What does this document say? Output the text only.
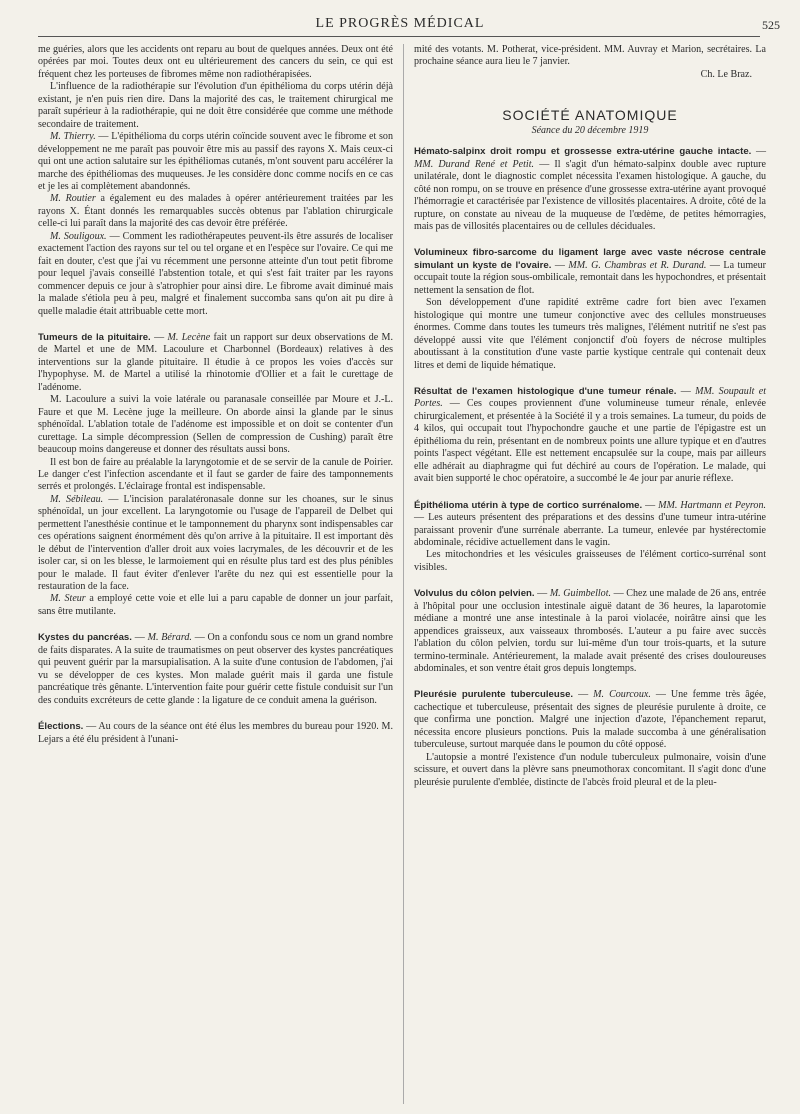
LE PROGRÈS MÉDICAL	525

me guéries, alors que les accidents ont reparu au bout de quelques années. Deux ont été opérées par moi. Toutes deux ont eu ultérieurement des cancers du sein, ce qui est fréquent chez les porteuses de fibromes même non radiothérapisées.

L'influence de la radiothérapie sur l'évolution d'un épithélioma du corps utérin déjà existant, je n'en puis rien dire. Dans la majorité des cas, le traitement chirurgical me paraît supérieur à la radiothérapie, qui ne doit être considérée que comme une méthode secondaire de traitement.

M. Thierry. — L'épithélioma du corps utérin coïncide souvent avec le fibrome et son développement ne me paraît pas pouvoir être mis au passif des rayons X. Mais ceux-ci qui ont une action salutaire sur les épithéliomas cutanés, m'ont souvent paru accélérer la marche des épithéliomas des muqueuses. Je les considère donc comme nocifs en ce cas et je les ai complètement abandonnés.

M. Routier a également eu des malades à opérer antérieurement traitées par les rayons X. Étant donnés les remarquables succès obtenus par l'ablation chirurgicale celle-ci lui paraît dans la majorité des cas devoir être préférée.

M. Souligoux. — Comment les radiothérapeutes peuvent-ils être assurés de localiser exactement l'action des rayons sur tel ou tel organe et en l'espèce sur l'ovaire. Ce qui me fait en douter, c'est que j'ai vu récemment une personne atteinte d'un tout petit fibrome pour lequel j'avais conseillé l'abstention totale, et qui s'est fait traiter par les rayons commencer depuis ce jour à s'atrophier pour ainsi dire. Le fibrome avait diminué mais la malade s'étiola peu à peu, malgré et finalement succomba sans qu'on ait pu dire à quelle maladie était attribuable cette mort.

Tumeurs de la pituitaire. — M. Lecène fait un rapport sur deux observations de M. de Martel et une de MM. Lacoulure et Charbonnel (Bordeaux) relatives à des interventions sur la glande pituitaire. Il étudie à ce propos les voies d'accès sur l'hypophyse. M. de Martel a utilisé la rhinotomie d'Ollier et a fait le curettage de l'adénome.

M. Lacoulure a suivi la voie latérale ou paranasale conseillée par Moure et J.-L. Faure et que M. Lecène juge la meilleure. On aborde ainsi la glande par le sinus sphénoïdal. L'ablation totale de l'adénome est impossible et on doit se contenter d'un curettage. La simple décompression (Sellen de compression de Cushing) paraît être beaucoup moins dangereuse et donner des résultats aussi bons.

Il est bon de faire au préalable la laryngotomie et de se servir de la canule de Poirier. Le danger c'est l'infection ascendante et il faut se garder de faire des tamponnements serrés et prolongés. L'éclairage frontal est indispensable.

M. Sébileau. — L'incision paralatéronasale donne sur les choanes, sur le sinus sphénoïdal, un jour excellent. La laryngotomie ou l'usage de l'appareil de Delbet qui permettent l'anesthésie continue et le tamponnement du pharynx sont indispensables car ces opérations saignent énormément dès qu'on arrive à la pituitaire. Il est important dès le début de l'intervention d'aller droit aux voies lacrymales, de les découvrir et de les isoler car, si on les blesse, le larmoiement qui en résulte plus tard est des plus pénibles pour le malade. Il faut éviter d'enlever l'arête du nez qui est essentielle pour la restauration de la face.

M. Steur a employé cette voie et elle lui a paru capable de donner un jour parfait, sans être mutilante.

Kystes du pancréas. — M. Bérard. — On a confondu sous ce nom un grand nombre de faits disparates. A la suite de traumatismes on peut observer des kystes pancréatiques qui peuvent guérir par la marsupialisation. A la suite d'une contusion de l'abdomen, j'ai vu se développer de ces kystes. Mon malade guérit mais il garda une fistule pancréatique très gênante. L'intervention faite pour guérir cette fistule conduisit sur l'un des conduits excréteurs de cette glande : la ligature de ce conduit amena la guérison.

Élections. — Au cours de la séance ont été élus les membres du bureau pour 1920. M. Lejars a été élu président à l'unani-

mité des votants. M. Potherat, vice-président. MM. Auvray et Marion, secrétaires. La prochaine séance aura lieu le 7 janvier.

Ch. Le Braz.

SOCIÉTÉ ANATOMIQUE
Séance du 20 décembre 1919

Hémato-salpinx droit rompu et grossesse extra-utérine gauche intacte. — MM. Durand René et Petit. — Il s'agit d'un hémato-salpinx double avec rupture unilatérale, dont le diagnostic complet nécessita l'examen histologique. A gauche, du côté non rompu, on se trouve en présence d'une grossesse extra-utérine ayant provoqué l'hémorragie et caractérisée par l'existence de villosités placentaires. A droite, côté de la rupture, on constate au niveau de la muqueuse de l'œdème, de petites hémorragies, mais pas de villosités placentaires ou de cellules déciduales.

Volumineux fibro-sarcome du ligament large avec vaste nécrose centrale simulant un kyste de l'ovaire. — MM. G. Chambras et R. Durand. — La tumeur occupait toute la région sous-ombilicale, remontait dans les hypochondres, et présentait nettement la sensation de flot.

Son développement d'une rapidité extrême cadre fort bien avec l'examen histologique qui montre une tumeur conjonctive avec des cellules monstrueuses énormes. Comme dans toutes les tumeurs très malignes, l'élément nutritif ne s'est pas développé aussi vite que l'élément conjonctif d'où foyers de nécrose multiples aboutissant à la constitution d'une vaste partie kystique centrale qui contenait deux litres et demi de liquide hématique.

Résultat de l'examen histologique d'une tumeur rénale. — MM. Soupault et Portes. — Ces coupes proviennent d'une volumineuse tumeur rénale, enlevée chirurgicalement, et présentée à la Société il y a trois semaines. La tumeur, du poids de 4 kilos, qui occupait tout l'hypochondre gauche et une partie de l'épigastre est un épithélioma du rein, présentant en de nombreux points une allure typique et en d'autres points l'aspect végétant. Elle est nettement encapsulée sur la coupe, mais par ailleurs elle adhérait au diaphragme qui fut déchiré au cours de l'opération. Le malade, qui avait bien supporté le choc opératoire, a succombé le 4e jour par anurie réflexe.

Épithélioma utérin à type de cortico surrénalome. — MM. Hartmann et Peyron. — Les auteurs présentent des préparations et des dessins d'une tumeur intra-utérine paraissant provenir d'une surrénale aberrante. La tumeur, enlevée par hystérectomie abdominale, récidive actuellement dans le vagin.

Les mitochondries et les vésicules graisseuses de l'élément cortico-surrénal sont visibles.

Volvulus du côlon pelvien. — M. Guimbellot. — Chez une malade de 26 ans, entrée à l'hôpital pour une occlusion intestinale aiguë datant de 36 heures, la laparotomie médiane a montré une anse intestinale à la paroi violacée, noirâtre ainsi que les appendices graisseux, aux vaisseaux thrombosés. L'auteur a pu faire avec succès l'ablation du côlon pelvien, tordu sur lui-même d'un tour trois-quarts, et la suture termino-terminale. Antérieurement, la malade avait présenté des crises douloureuses abdominales, et son ventre était gros depuis longtemps.

Pleurésie purulente tuberculeuse. — M. Courcoux. — Une femme très âgée, cachectique et tuberculeuse, présentait des signes de pleurésie purulente à droite, ce que confirma une ponction. Malgré une injection d'azote, l'épanchement reparut, nécessita encore plusieurs ponctions. Puis la malade succomba à une généralisation tuberculeuse, surtout marquée dans le poumon du côté opposé.

L'autopsie a montré l'existence d'un nodule tuberculeux pulmonaire, voisin d'une scissure, et ouvert dans la plèvre sans pneumothorax concomitant. Il s'agit donc d'une pleurésie purulente d'emblée, distincte de l'abcès froid pleural et de la pleu-
